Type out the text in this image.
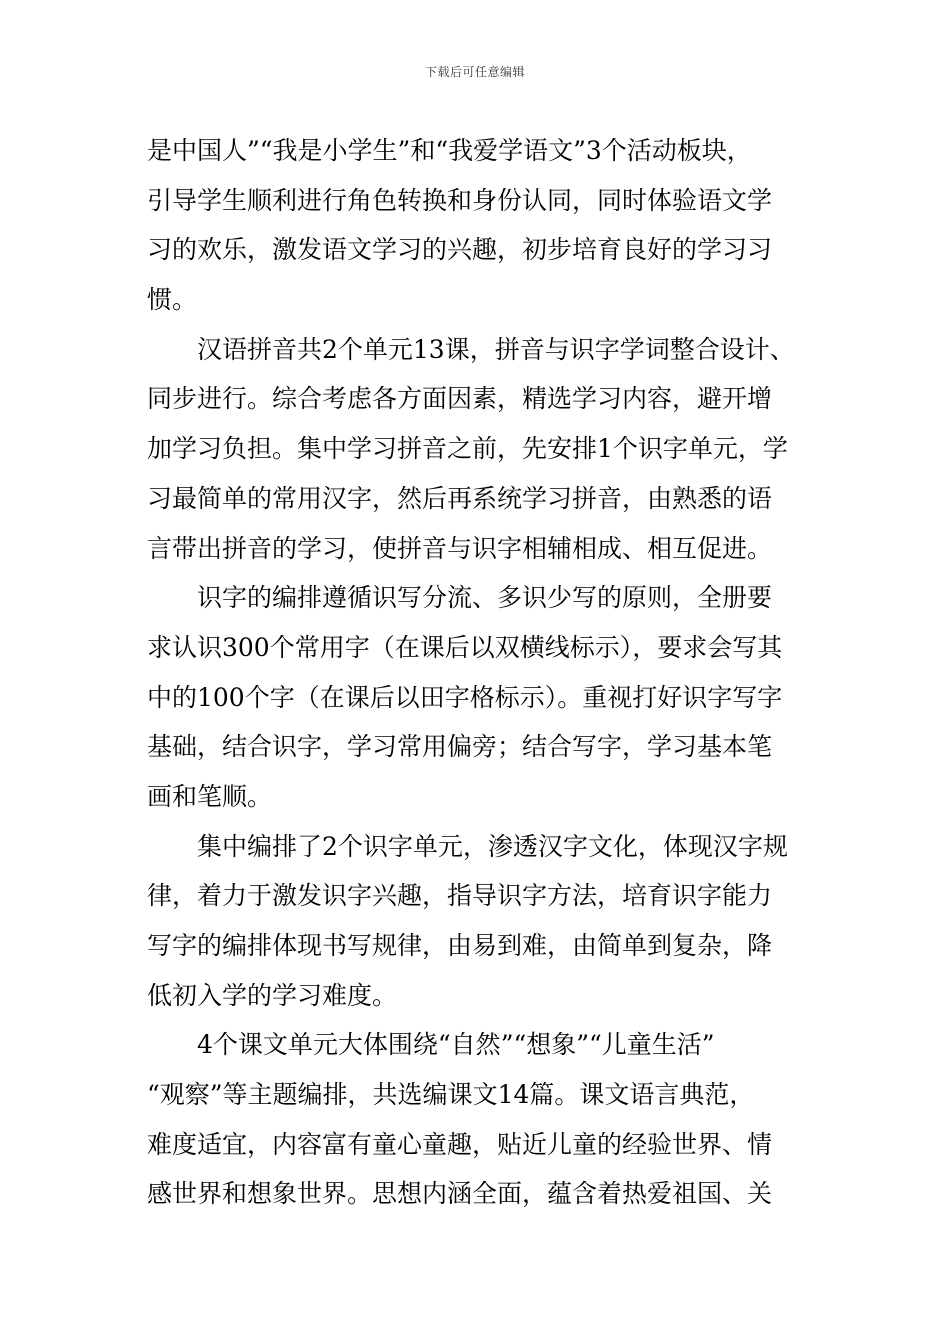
下载后可任意编辑
是中国人”“我是小学生”和“我爱学语文”3个活动板块，
引导学生顺利进行角色转换和身份认同，同时体验语文学
习的欢乐，激发语文学习的兴趣，初步培育良好的学习习
惯。
汉语拼音共2个单元13课，拼音与识字学词整合设计、
同步进行。综合考虑各方面因素，精选学习内容，避开增
加学习负担。集中学习拼音之前，先安排1个识字单元，学
习最简单的常用汉字，然后再系统学习拼音，由熟悉的语
言带出拼音的学习，使拼音与识字相辅相成、相互促进。
识字的编排遵循识写分流、多识少写的原则，全册要
求认识300个常用字（在课后以双横线标示），要求会写其
中的100个字（在课后以田字格标示）。重视打好识字写字
基础，结合识字，学习常用偏旁；结合写字，学习基本笔
画和笔顺。
集中编排了2个识字单元，渗透汉字文化，体现汉字规
律，着力于激发识字兴趣，指导识字方法，培育识字能力
写字的编排体现书写规律，由易到难，由简单到复杂，降
低初入学的学习难度。
4个课文单元大体围绕“自然”“想象”“儿童生活”
“观察”等主题编排，共选编课文14篇。课文语言典范，
难度适宜，内容富有童心童趣，贴近儿童的经验世界、情
感世界和想象世界。思想内涵全面，蕴含着热爱祖国、关
